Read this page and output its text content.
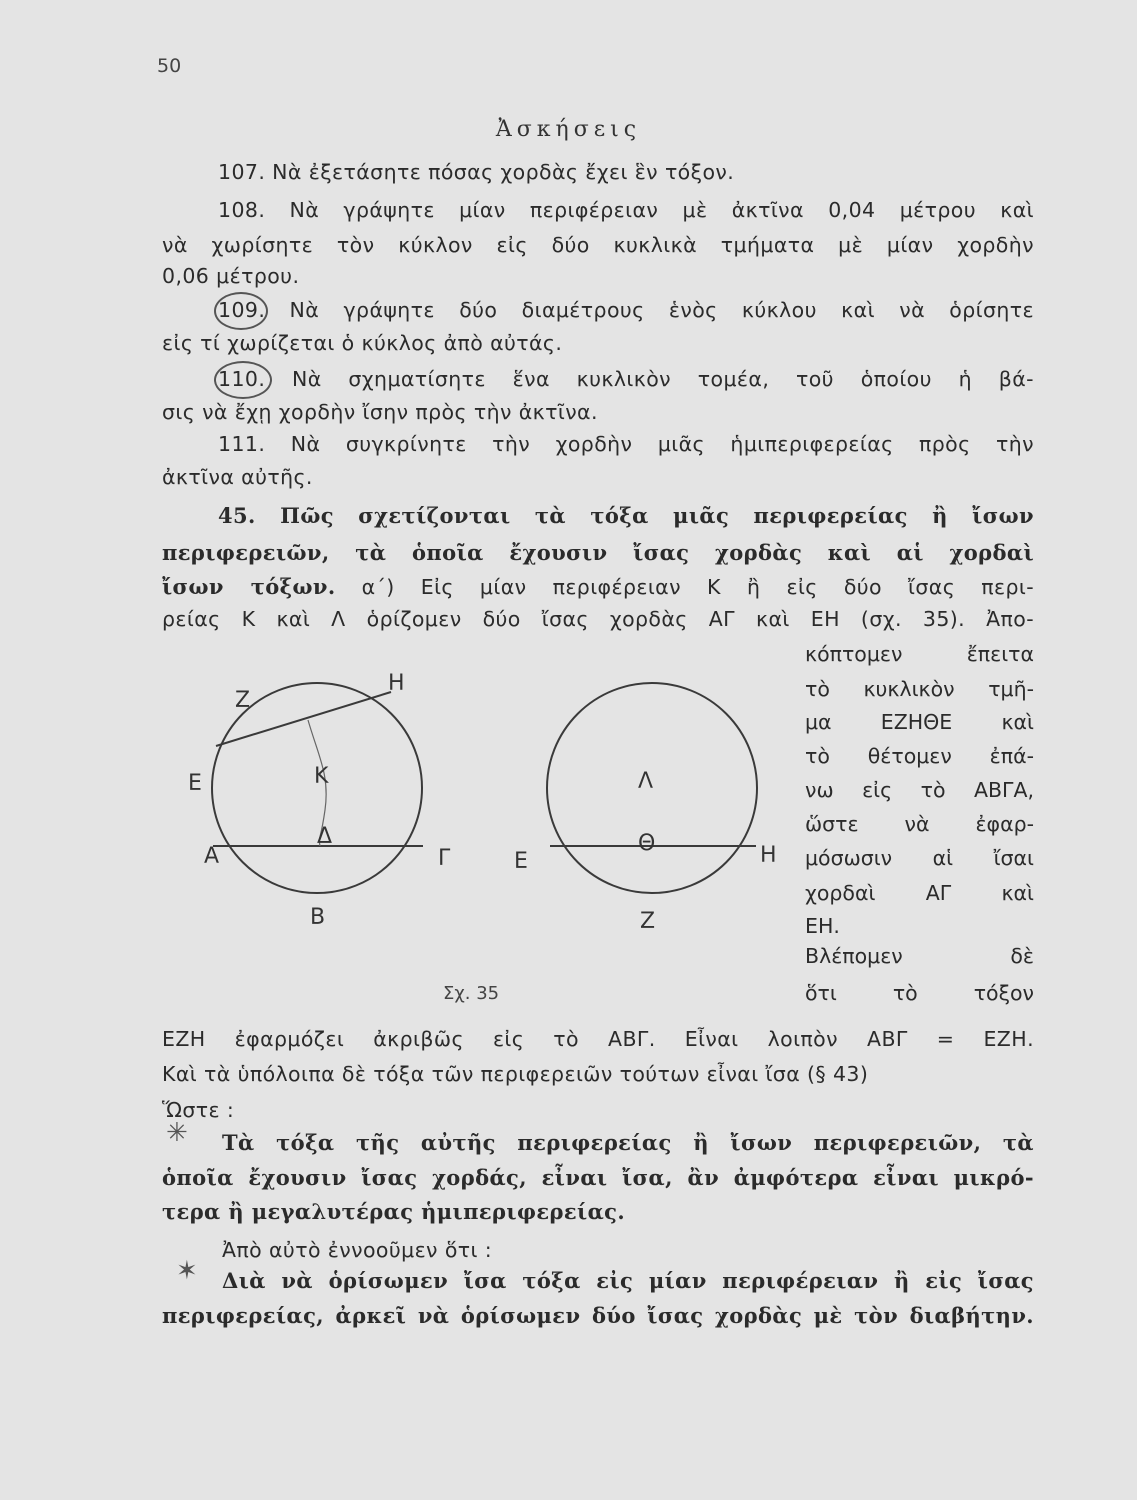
50
Ἀσκήσεις
107. Νὰ ἐξετάσητε πόσας χορδὰς ἔχει ἓν τόξον.
108. Νὰ γράψητε μίαν περιφέρειαν μὲ ἀκτῖνα 0,04 μέτρου καὶ
νὰ χωρίσητε τὸν κύκλον εἰς δύο κυκλικὰ τμήματα μὲ μίαν χορδὴν
0,06 μέτρου.
109. Νὰ γράψητε δύο διαμέτρους ἑνὸς κύκλου καὶ νὰ ὁρίσητε
εἰς τί χωρίζεται ὁ κύκλος ἀπὸ αὐτάς.
110. Νὰ σχηματίσητε ἕνα κυκλικὸν τομέα, τοῦ ὁποίου ἡ βά-
σις νὰ ἔχῃ χορδὴν ἴσην πρὸς τὴν ἀκτῖνα.
111. Νὰ συγκρίνητε τὴν χορδὴν μιᾶς ἡμιπεριφερείας πρὸς τὴν
ἀκτῖνα αὐτῆς.
45. Πῶς σχετίζονται τὰ τόξα μιᾶς περιφερείας ἢ ἴσων
περιφερειῶν, τὰ ὁποῖα ἔχουσιν ἴσας χορδὰς καὶ αἱ χορδαὶ
ἴσων τόξων. α΄) Εἰς μίαν περιφέρειαν Κ ἢ εἰς δύο ἴσας περι-
ρείας Κ καὶ Λ ὁρίζομεν δύο ἴσας χορδὰς ΑΓ καὶ ΕΗ (σχ. 35). Ἀπο-
κόπτομεν ἔπειτα
τὸ κυκλικὸν τμῆ-
μα ΕΖΗΘΕ καὶ
τὸ θέτομεν ἐπά-
νω εἰς τὸ ΑΒΓΑ,
ὥστε νὰ ἐφαρ-
μόσωσιν αἱ ἴσαι
χορδαὶ ΑΓ καὶ
ΕΗ.
Βλέπομεν δὲ
ὅτι τὸ τόξον
Ζ
Η
Ε	Κ
Δ
Α	Γ
Β
Ε
Λ
Θ	Η
Ζ
Σχ. 35
ΕΖΗ ἐφαρμόζει ἀκριβῶς εἰς τὸ ΑΒΓ. Εἶναι λοιπὸν ΑΒΓ = ΕΖΗ.
Καὶ τὰ ὑπόλοιπα δὲ τόξα τῶν περιφερειῶν τούτων εἶναι ἴσα (§ 43)
Ὥστε :
✳ Τὰ τόξα τῆς αὐτῆς περιφερείας ἢ ἴσων περιφερειῶν, τὰ
ὁποῖα ἔχουσιν ἴσας χορδάς, εἶναι ἴσα, ἂν ἀμφότερα εἶναι μικρό-
τερα ἢ μεγαλυτέρας ἡμιπεριφερείας.
Ἀπὸ αὐτὸ ἐννοοῦμεν ὅτι :
✶ Διὰ νὰ ὁρίσωμεν ἴσα τόξα εἰς μίαν περιφέρειαν ἢ εἰς ἴσας
περιφερείας, ἀρκεῖ νὰ ὁρίσωμεν δύο ἴσας χορδὰς μὲ τὸν διαβήτην.
